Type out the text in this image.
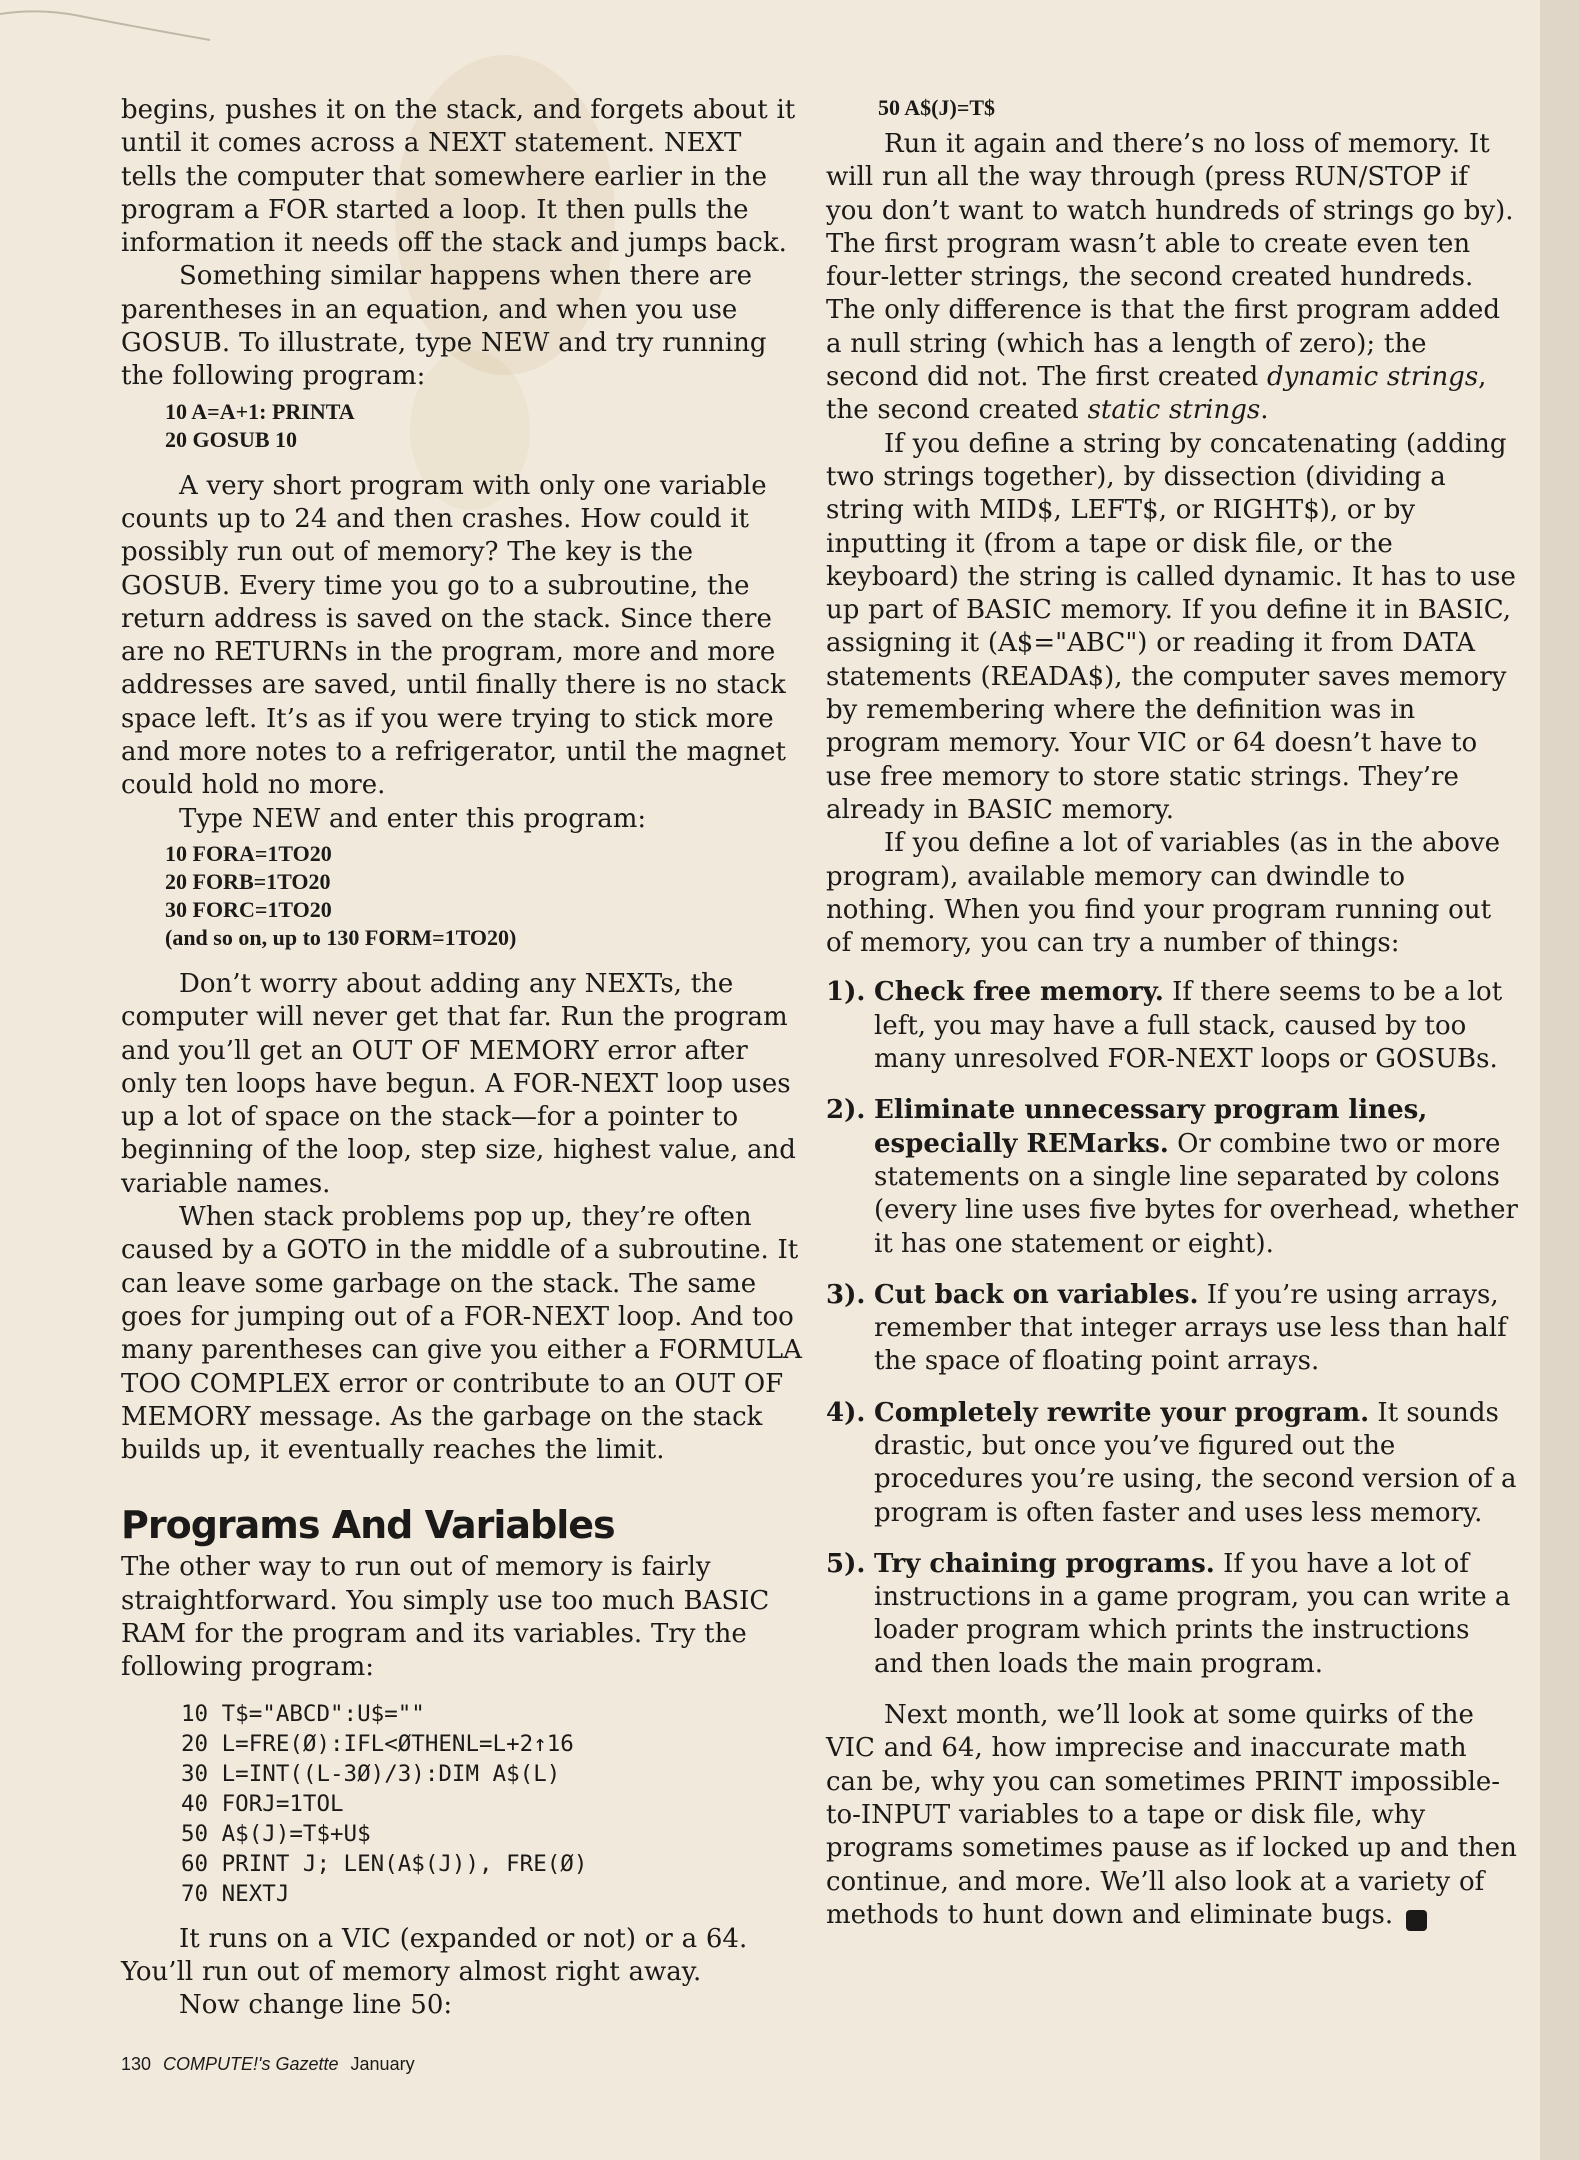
begins, pushes it on the stack, and forgets about it until it comes across a NEXT statement. NEXT tells the computer that somewhere earlier in the program a FOR started a loop. It then pulls the information it needs off the stack and jumps back.

Something similar happens when there are parentheses in an equation, and when you use GOSUB. To illustrate, type NEW and try running the following program:

10 A=A+1: PRINTA
20 GOSUB 10

A very short program with only one variable counts up to 24 and then crashes. How could it possibly run out of memory? The key is the GOSUB. Every time you go to a subroutine, the return address is saved on the stack. Since there are no RETURNs in the program, more and more addresses are saved, until finally there is no stack space left. It’s as if you were trying to stick more and more notes to a refrigerator, until the magnet could hold no more.

Type NEW and enter this program:

10 FORA=1TO20
20 FORB=1TO20
30 FORC=1TO20
(and so on, up to 130 FORM=1TO20)

Don’t worry about adding any NEXTs, the computer will never get that far. Run the program and you’ll get an OUT OF MEMORY error after only ten loops have begun. A FOR-NEXT loop uses up a lot of space on the stack—for a pointer to beginning of the loop, step size, highest value, and variable names.

When stack problems pop up, they’re often caused by a GOTO in the middle of a subroutine. It can leave some garbage on the stack. The same goes for jumping out of a FOR-NEXT loop. And too many parentheses can give you either a FORMULA TOO COMPLEX error or contribute to an OUT OF MEMORY message. As the garbage on the stack builds up, it eventually reaches the limit.

Programs And Variables

The other way to run out of memory is fairly straightforward. You simply use too much BASIC RAM for the program and its variables. Try the following program:

10 T$="ABCD":U$=""
20 L=FRE(Ø):IFL<ØTHENL=L+2↑16
30 L=INT((L-3Ø)/3):DIM A$(L)
40 FORJ=1TOL
50 A$(J)=T$+U$
60 PRINT J; LEN(A$(J)), FRE(Ø)
70 NEXTJ

It runs on a VIC (expanded or not) or a 64. You’ll run out of memory almost right away.

Now change line 50:

50 A$(J)=T$

Run it again and there’s no loss of memory. It will run all the way through (press RUN/STOP if you don’t want to watch hundreds of strings go by). The first program wasn’t able to create even ten four-letter strings, the second created hundreds. The only difference is that the first program added a null string (which has a length of zero); the second did not. The first created dynamic strings, the second created static strings.

If you define a string by concatenating (adding two strings together), by dissection (dividing a string with MID$, LEFT$, or RIGHT$), or by inputting it (from a tape or disk file, or the keyboard) the string is called dynamic. It has to use up part of BASIC memory. If you define it in BASIC, assigning it (A$="ABC") or reading it from DATA statements (READA$), the computer saves memory by remembering where the definition was in program memory. Your VIC or 64 doesn’t have to use free memory to store static strings. They’re already in BASIC memory.

If you define a lot of variables (as in the above program), available memory can dwindle to nothing. When you find your program running out of memory, you can try a number of things:

1). Check free memory. If there seems to be a lot left, you may have a full stack, caused by too many unresolved FOR-NEXT loops or GOSUBs.
2). Eliminate unnecessary program lines, especially REMarks. Or combine two or more statements on a single line separated by colons (every line uses five bytes for overhead, whether it has one statement or eight).
3). Cut back on variables. If you’re using arrays, remember that integer arrays use less than half the space of floating point arrays.
4). Completely rewrite your program. It sounds drastic, but once you’ve figured out the procedures you’re using, the second version of a program is often faster and uses less memory.
5). Try chaining programs. If you have a lot of instructions in a game program, you can write a loader program which prints the instructions and then loads the main program.

Next month, we’ll look at some quirks of the VIC and 64, how imprecise and inaccurate math can be, why you can sometimes PRINT impossible-to-INPUT variables to a tape or disk file, why programs sometimes pause as if locked up and then continue, and more. We’ll also look at a variety of methods to hunt down and eliminate bugs.	G

130 COMPUTE!'s Gazette January
